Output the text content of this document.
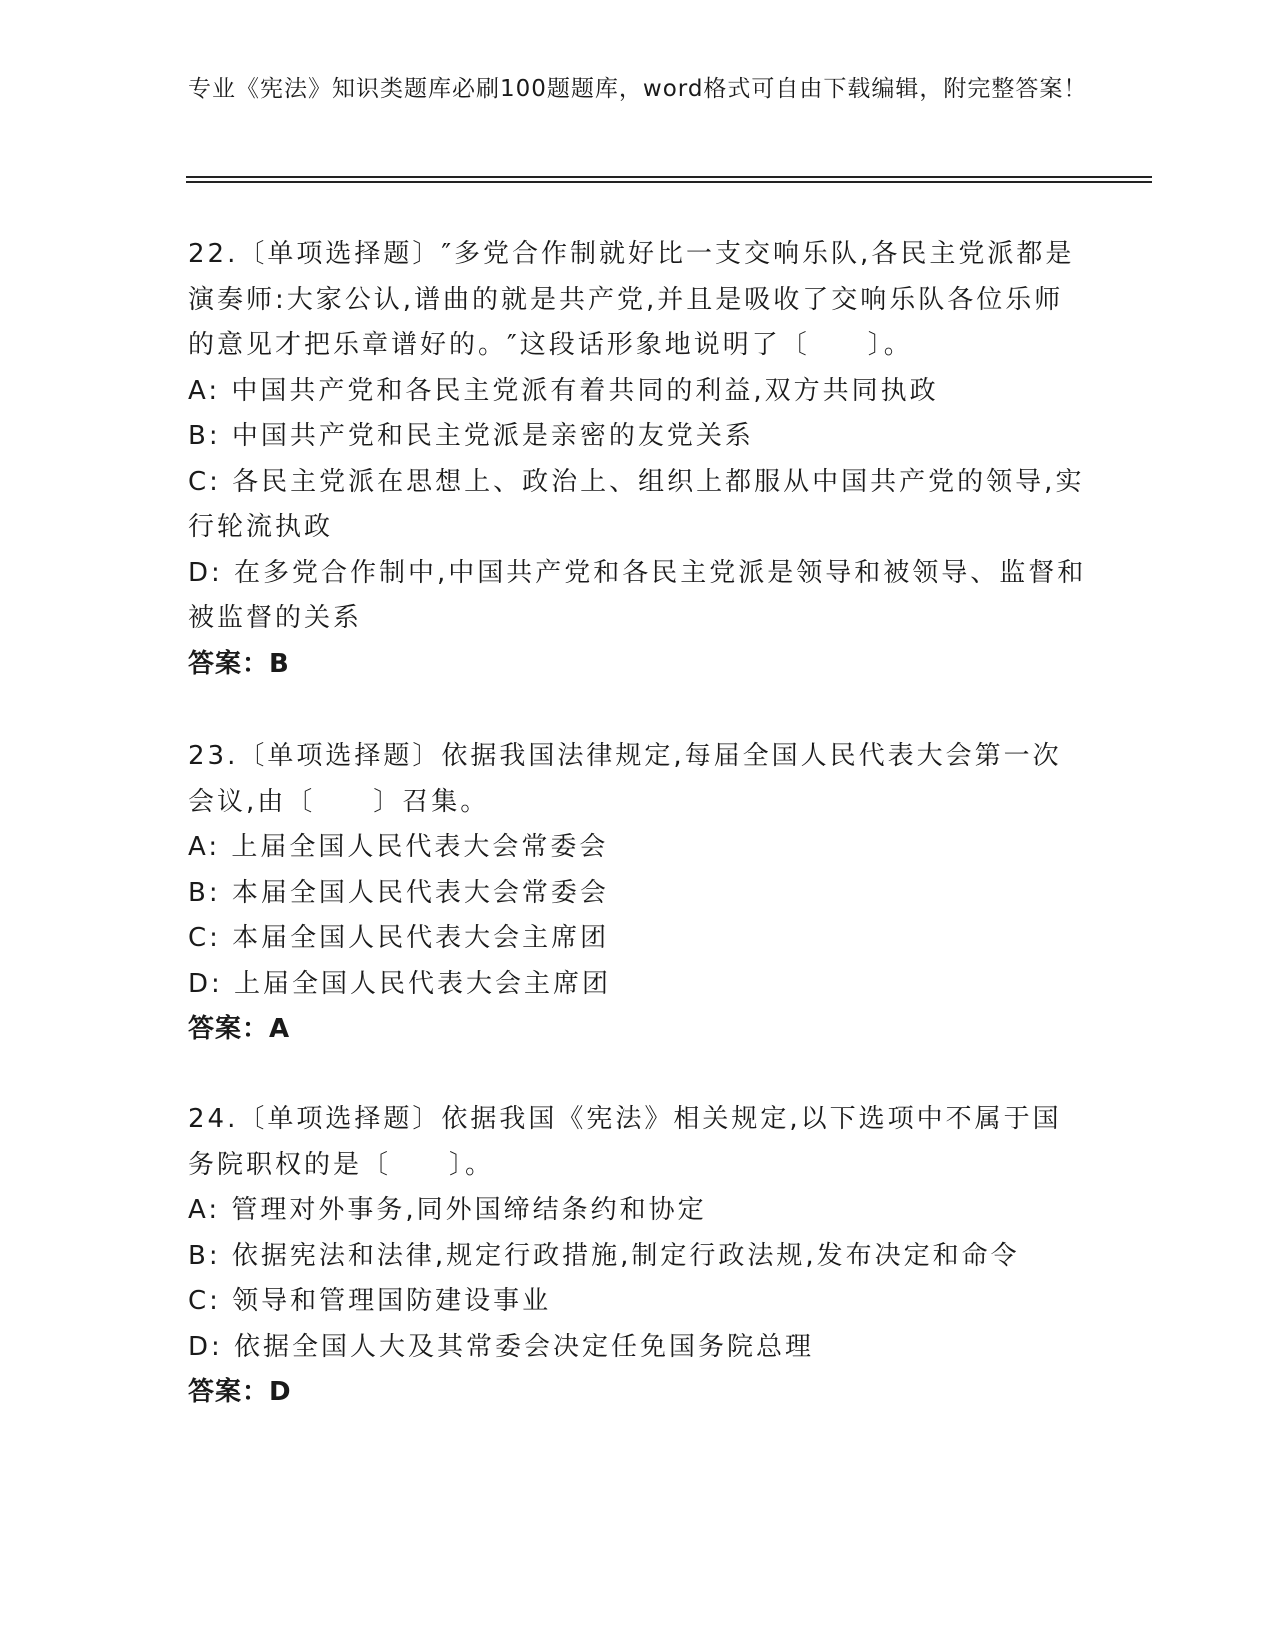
专业《宪法》知识类题库必刷100题题库，word格式可自由下载编辑，附完整答案！

22.〔单项选择题〕″多党合作制就好比一支交响乐队,各民主党派都是演奏师:大家公认,谱曲的就是共产党,并且是吸收了交响乐队各位乐师的意见才把乐章谱好的。″这段话形象地说明了〔　　〕。

A: 中国共产党和各民主党派有着共同的利益,双方共同执政

B: 中国共产党和民主党派是亲密的友党关系

C: 各民主党派在思想上、政治上、组织上都服从中国共产党的领导,实行轮流执政

D: 在多党合作制中,中国共产党和各民主党派是领导和被领导、监督和被监督的关系

答案：B

23.〔单项选择题〕依据我国法律规定,每届全国人民代表大会第一次会议,由〔　　〕召集。

A: 上届全国人民代表大会常委会

B: 本届全国人民代表大会常委会

C: 本届全国人民代表大会主席团

D: 上届全国人民代表大会主席团

答案：A

24.〔单项选择题〕依据我国《宪法》相关规定,以下选项中不属于国务院职权的是〔　　〕。

A: 管理对外事务,同外国缔结条约和协定

B: 依据宪法和法律,规定行政措施,制定行政法规,发布决定和命令

C: 领导和管理国防建设事业

D: 依据全国人大及其常委会决定任免国务院总理

答案：D
